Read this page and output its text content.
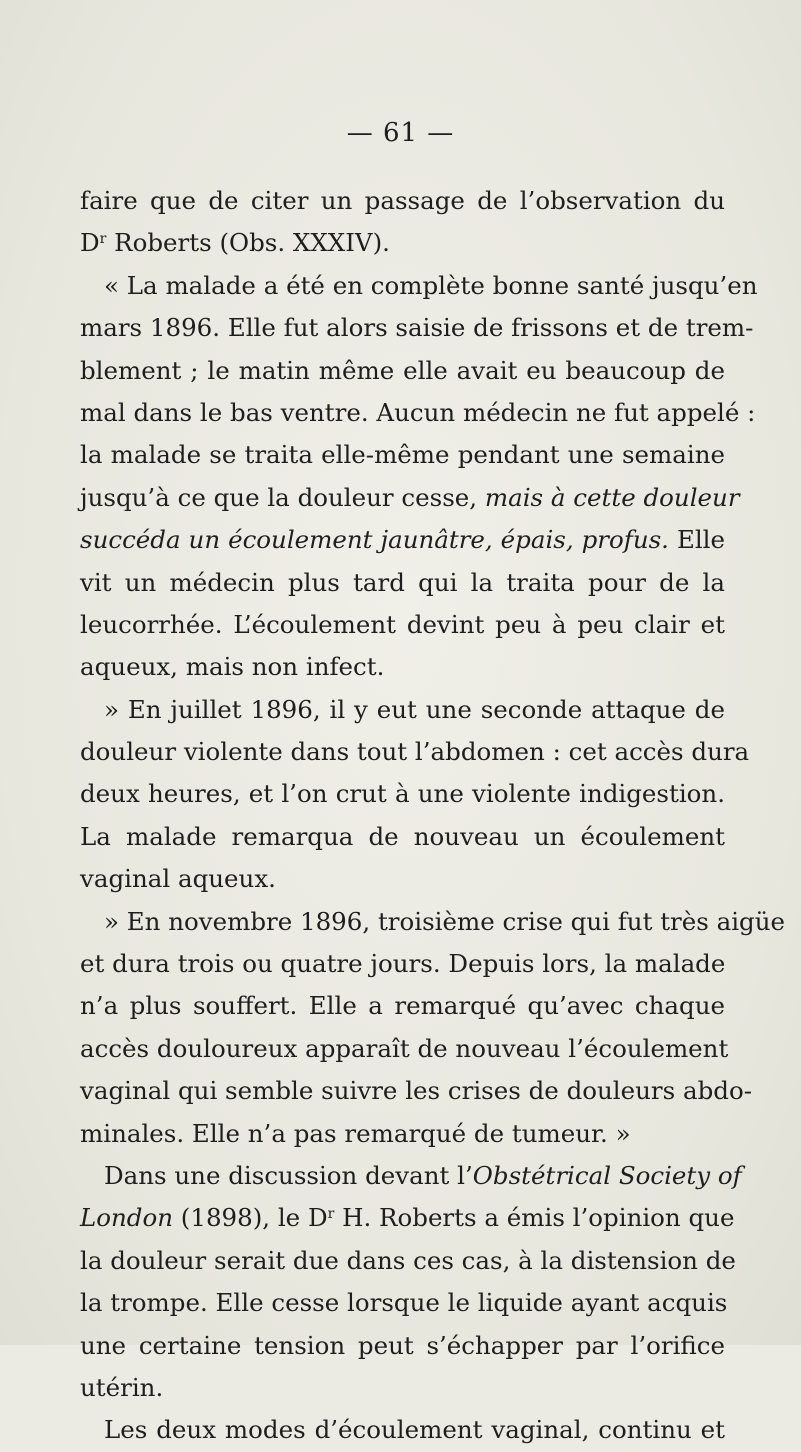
— 61 —
faire que de citer un passage de l’observation du
$D^r$ Roberts (Obs. XXXIV).
« La malade a été en complète bonne santé jusqu’en
mars 1896. Elle fut alors saisie de frissons et de trem-
blement ; le matin même elle avait eu beaucoup de
mal dans le bas ventre. Aucun médecin ne fut appelé :
la malade se traita elle-même pendant une semaine
jusqu’à ce que la douleur cesse, mais à cette douleur
succéda un écoulement jaunâtre, épais, profus. Elle
vit un médecin plus tard qui la traita pour de la
leucorrhée. L’écoulement devint peu à peu clair et
aqueux, mais non infect.
» En juillet 1896, il y eut une seconde attaque de
douleur violente dans tout l’abdomen : cet accès dura
deux heures, et l’on crut à une violente indigestion.
La malade remarqua de nouveau un écoulement
vaginal aqueux.
» En novembre 1896, troisième crise qui fut très aigüe
et dura trois ou quatre jours. Depuis lors, la malade
n’a plus souffert. Elle a remarqué qu’avec chaque
accès douloureux apparaît de nouveau l’écoulement
vaginal qui semble suivre les crises de douleurs abdo-
minales. Elle n’a pas remarqué de tumeur. »
Dans une discussion devant l’Obstétrical Society of
London (1898), le $D^r$ H. Roberts a émis l’opinion que
la douleur serait due dans ces cas, à la distension de
la trompe. Elle cesse lorsque le liquide ayant acquis
une certaine tension peut s’échapper par l’orifice
utérin.
Les deux modes d’écoulement vaginal, continu et
